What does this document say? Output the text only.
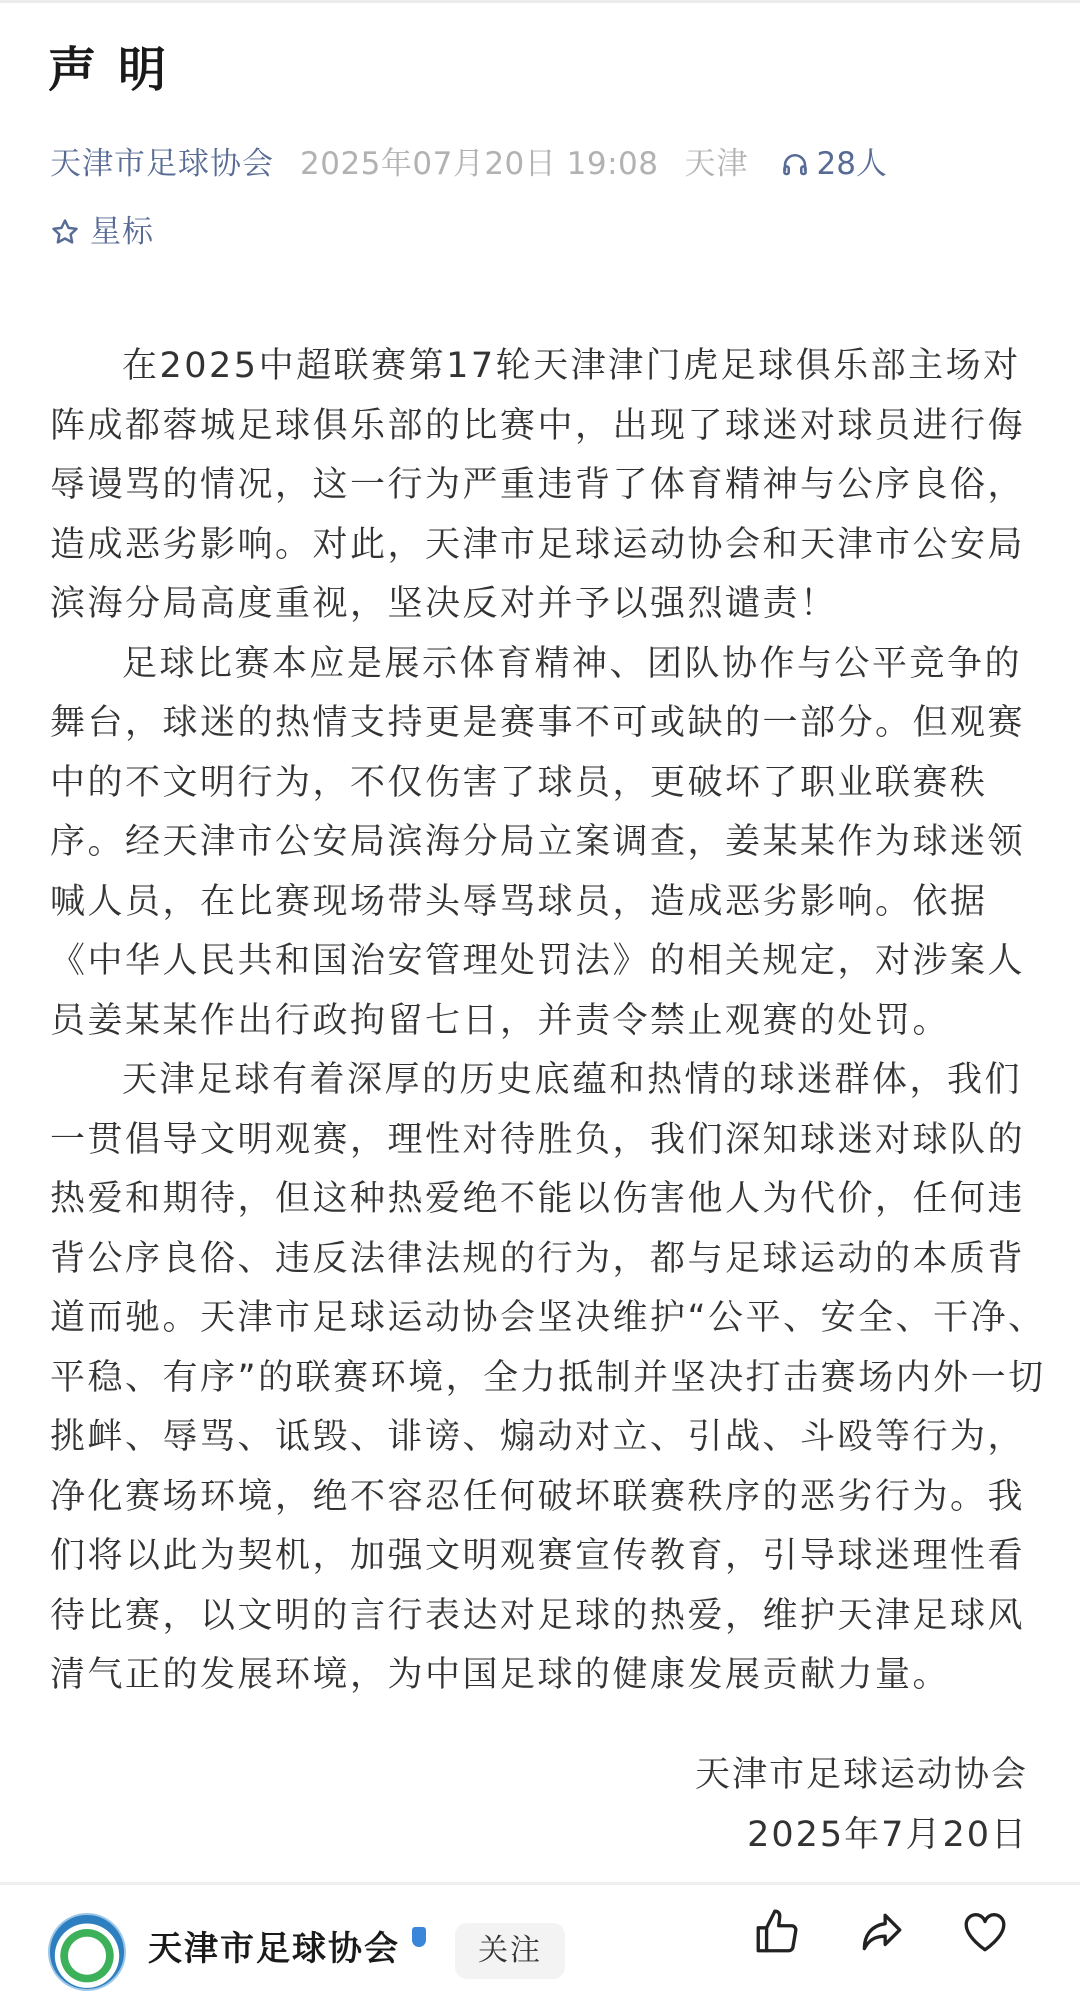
声明
天津市足球协会 2025年07月20日 19:08 天津 28人
星标
在2025中超联赛第17轮天津津门虎足球俱乐部主场对
阵成都蓉城足球俱乐部的比赛中，出现了球迷对球员进行侮
辱谩骂的情况，这一行为严重违背了体育精神与公序良俗，
造成恶劣影响。对此，天津市足球运动协会和天津市公安局
滨海分局高度重视，坚决反对并予以强烈谴责！
足球比赛本应是展示体育精神、团队协作与公平竞争的
舞台，球迷的热情支持更是赛事不可或缺的一部分。但观赛
中的不文明行为，不仅伤害了球员，更破坏了职业联赛秩
序。经天津市公安局滨海分局立案调查，姜某某作为球迷领
喊人员，在比赛现场带头辱骂球员，造成恶劣影响。依据
《中华人民共和国治安管理处罚法》的相关规定，对涉案人
员姜某某作出行政拘留七日，并责令禁止观赛的处罚。
天津足球有着深厚的历史底蕴和热情的球迷群体，我们
一贯倡导文明观赛，理性对待胜负，我们深知球迷对球队的
热爱和期待，但这种热爱绝不能以伤害他人为代价，任何违
背公序良俗、违反法律法规的行为，都与足球运动的本质背
道而驰。天津市足球运动协会坚决维护“公平、安全、干净、
平稳、有序”的联赛环境，全力抵制并坚决打击赛场内外一切
挑衅、辱骂、诋毁、诽谤、煽动对立、引战、斗殴等行为，
净化赛场环境，绝不容忍任何破坏联赛秩序的恶劣行为。我
们将以此为契机，加强文明观赛宣传教育，引导球迷理性看
待比赛，以文明的言行表达对足球的热爱，维护天津足球风
清气正的发展环境，为中国足球的健康发展贡献力量。
天津市足球运动协会
2025年7月20日
天津市足球协会	关注
